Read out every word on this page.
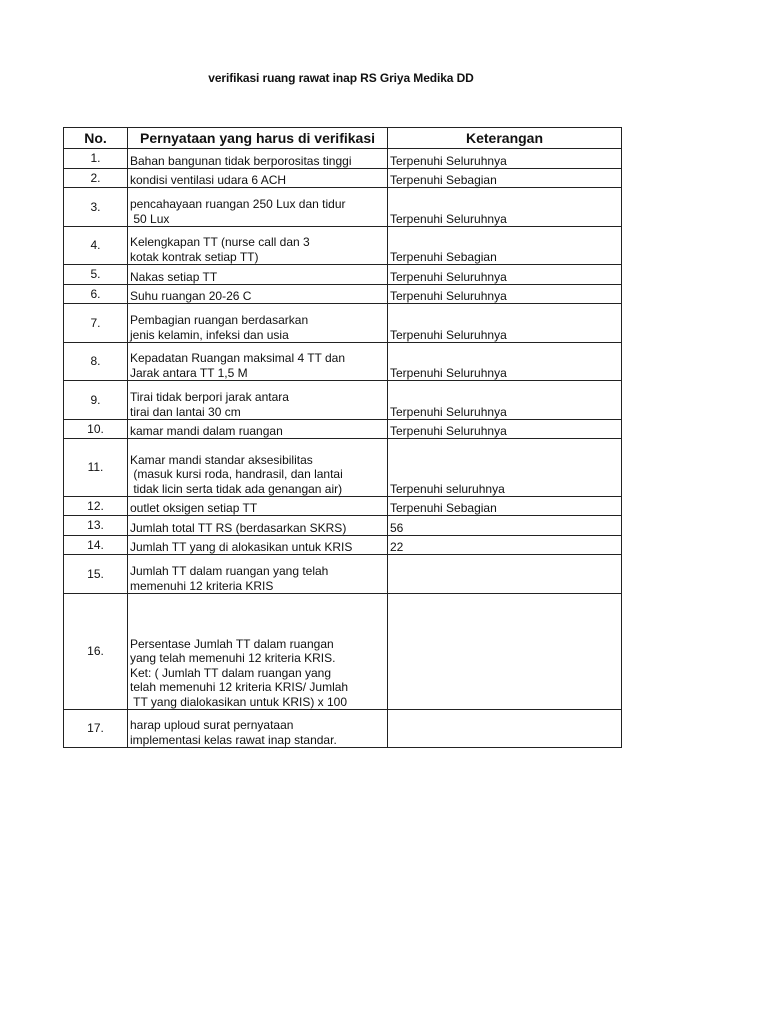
verifikasi ruang rawat inap RS Griya Medika DD
No.	Pernyataan yang harus di verifikasi	Keterangan
1.	Bahan bangunan tidak berporositas tinggi	Terpenuhi Seluruhnya
2.	kondisi ventilasi udara 6 ACH	Terpenuhi Sebagian
3.	pencahayaan ruangan 250 Lux dan tidur
50 Lux	Terpenuhi Seluruhnya
4.	Kelengkapan TT (nurse call dan 3
kotak kontrak setiap TT)	Terpenuhi Sebagian
5.	Nakas setiap TT	Terpenuhi Seluruhnya
6.	Suhu ruangan 20-26 C	Terpenuhi Seluruhnya
7.	Pembagian ruangan berdasarkan
jenis kelamin, infeksi dan usia	Terpenuhi Seluruhnya
8.	Kepadatan Ruangan maksimal 4 TT dan
Jarak antara TT 1,5 M	Terpenuhi Seluruhnya
9.	Tirai tidak berpori jarak antara
tirai dan lantai 30 cm	Terpenuhi Seluruhnya
10.	kamar mandi dalam ruangan	Terpenuhi Seluruhnya
11.	Kamar mandi standar aksesibilitas
(masuk kursi roda, handrasil, dan lantai
tidak licin serta tidak ada genangan air)	Terpenuhi seluruhnya
12.	outlet oksigen setiap TT	Terpenuhi Sebagian
13.	Jumlah total TT RS (berdasarkan SKRS)	56
14.	Jumlah TT yang di alokasikan untuk KRIS	22
15.	Jumlah TT dalam ruangan yang telah
memenuhi 12 kriteria KRIS	
16.	Persentase Jumlah TT dalam ruangan
yang telah memenuhi 12 kriteria KRIS.
Ket: ( Jumlah TT dalam ruangan yang
telah memenuhi 12 kriteria KRIS/ Jumlah
TT yang dialokasikan untuk KRIS) x 100	
17.	harap uploud surat pernyataan
implementasi kelas rawat inap standar.	
